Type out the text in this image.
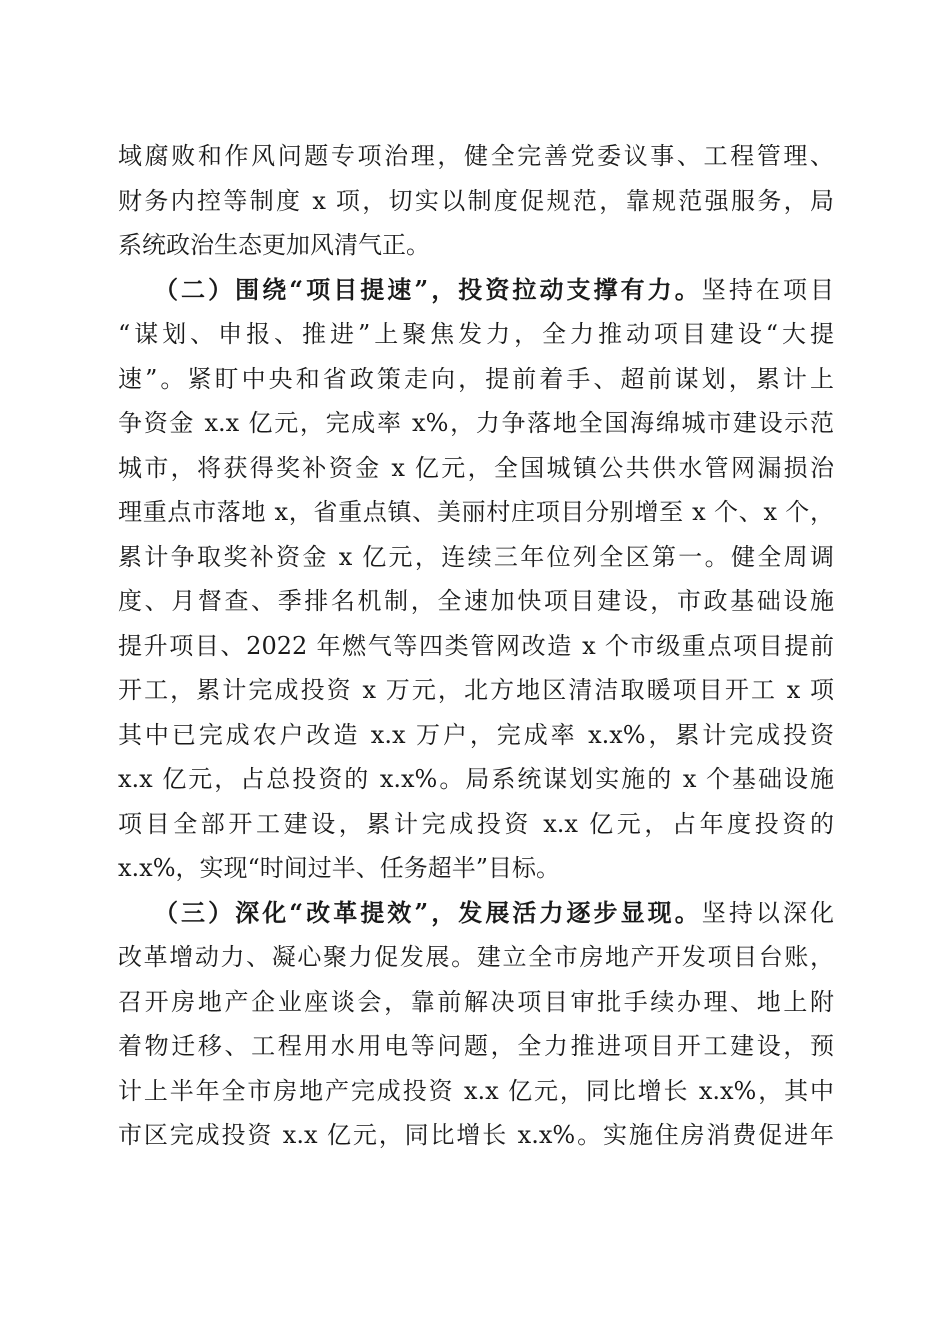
域腐败和作风问题专项治理，健全完善党委议事、工程管理、
财务内控等制度 x 项，切实以制度促规范，靠规范强服务，局
系统政治生态更加风清气正。
（二）围绕“项目提速”，投资拉动支撑有力。坚持在项目
“谋划、申报、推进”上聚焦发力，全力推动项目建设“大提
速”。紧盯中央和省政策走向，提前着手、超前谋划，累计上
争资金 x.x 亿元，完成率 x%，力争落地全国海绵城市建设示范
城市，将获得奖补资金 x 亿元，全国城镇公共供水管网漏损治
理重点市落地 x，省重点镇、美丽村庄项目分别增至 x 个、x 个，
累计争取奖补资金 x 亿元，连续三年位列全区第一。健全周调
度、月督查、季排名机制，全速加快项目建设，市政基础设施
提升项目、2022 年燃气等四类管网改造 x 个市级重点项目提前
开工，累计完成投资 x 万元，北方地区清洁取暖项目开工 x 项
其中已完成农户改造 x.x 万户，完成率 x.x%，累计完成投资
x.x 亿元，占总投资的 x.x%。局系统谋划实施的 x 个基础设施
项目全部开工建设，累计完成投资 x.x 亿元，占年度投资的
x.x%，实现“时间过半、任务超半”目标。
（三）深化“改革提效”，发展活力逐步显现。坚持以深化
改革增动力、凝心聚力促发展。建立全市房地产开发项目台账，
召开房地产企业座谈会，靠前解决项目审批手续办理、地上附
着物迁移、工程用水用电等问题，全力推进项目开工建设，预
计上半年全市房地产完成投资 x.x 亿元，同比增长 x.x%，其中
市区完成投资 x.x 亿元，同比增长 x.x%。实施住房消费促进年
